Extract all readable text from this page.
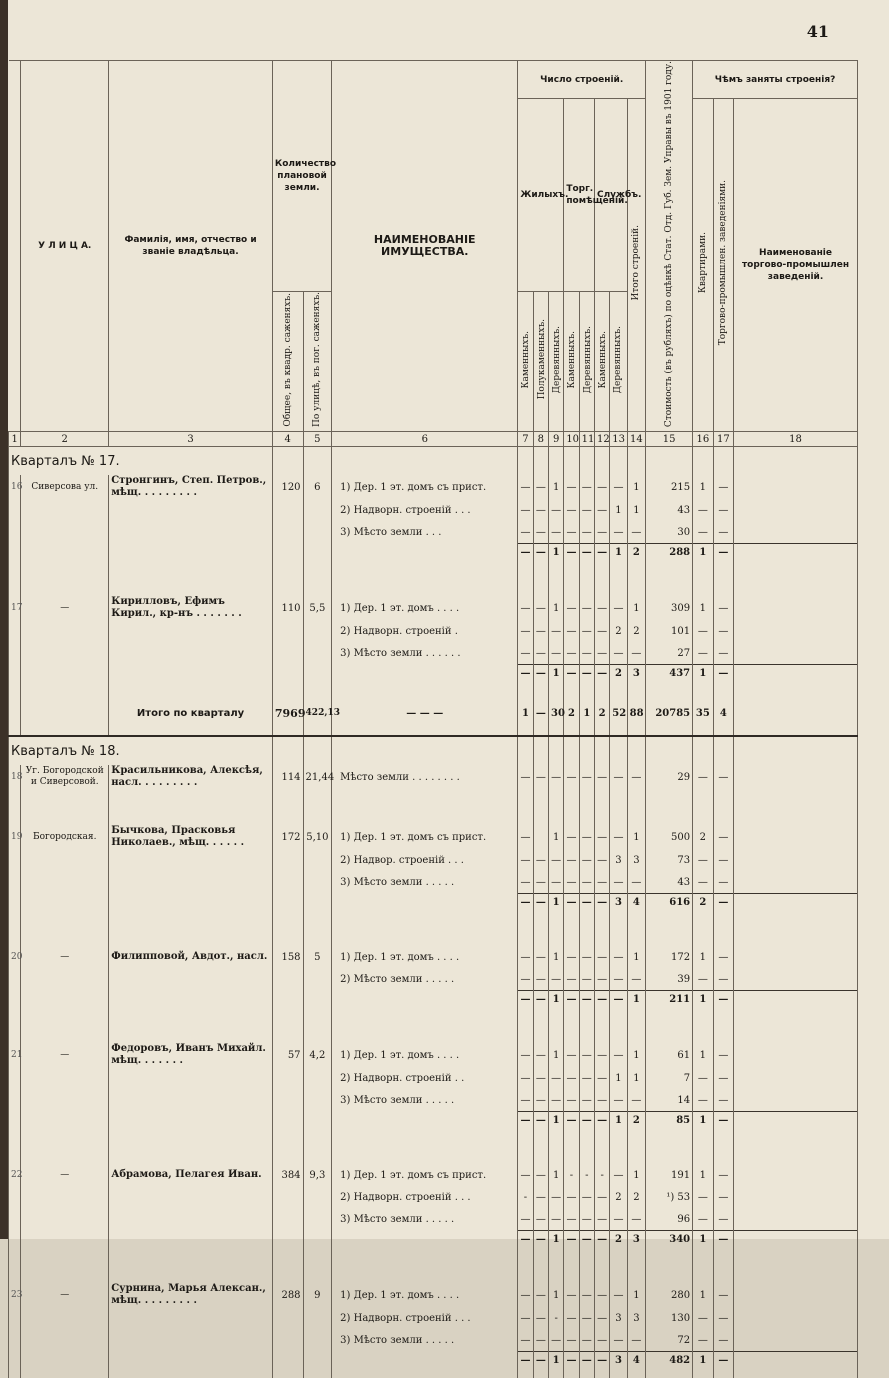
41
	У Л И Ц А.	Фамилія, имя, отчество и званіе владѣльца.	Количество плановой земли.		НАИМЕНОВАНІЕ ИМУЩЕСТВА.	Число строеній.								Стоимость (въ рубляхъ) по оцѣнкѣ Стат. Отд. Губ. Зем. Управы въ 1901 году.	Чѣмъ заняты строенія?		
						Жилыхъ.			Торг. помѣщеній.		Службъ.		Итого строеній.		Квартирами.	Торгово-промышлен. заведеніями.	Наименованіе торгово-промышлен заведеній.
			Общее, въ квадр. саженяхъ.	По улицѣ, въ пог. саженяхъ.		Каменныхъ.	Полукаменныхъ.	Деревянныхъ.	Каменныхъ.	Деревянныхъ.	Каменныхъ.	Деревянныхъ.					
1	2	3	4	5	6	7	8	9	10	11	12	13	14	15	16	17	18
Кварталъ № 17.																	
16	Сиверсова ул.	Стронгинъ, Степ. Петров., мѣщ. . . . . . . . .	120	6	1) Дер. 1 эт. домъ съ прист.	—	—	1	—	—	—	—	1	215	1	—	
					2) Надворн. строеній . . .	—	—	—	—	—	—	1	1	43	—	—	
					3) Мѣсто земли . . .	—	—	—	—	—	—	—	—	30	—	—	
						—	—	1	—	—	—	1	2	288	1	—	

17	—	Кирилловъ, Ефимъ Кирил., кр-нъ . . . . . . .	110	5,5	1) Дер. 1 эт. домъ . . . .	—	—	1	—	—	—	—	1	309	1	—	
					2) Надворн. строеній .	—	—	—	—	—	—	2	2	101	—	—	
					3) Мѣсто земли . . . . . .	—	—	—	—	—	—	—	—	27	—	—	
						—	—	1	—	—	—	2	3	437	1	—	

		Итого по кварталу	7969	422,13	— — —	1	—	30	2	1	2	52	88	20785	35	4	
Кварталъ № 18.																	
18	Уг. Богородской и Сиверсовой.	Красильникова, Алексѣя, насл. . . . . . . . .	114	21,44	Мѣсто земли . . . . . . . .	—	—	—	—	—	—	—	—	29	—	—	

19	Богородская.	Бычкова, Прасковья Николаев., мѣщ. . . . . .	172	5,10	1) Дер. 1 эт. домъ съ прист.	—		1	—	—	—	—	1	500	2	—	
					2) Надвор. строеній . . .	—	—	—	—	—	—	3	3	73	—	—	
					3) Мѣсто земли . . . . .	—	—	—	—	—	—	—	—	43	—	—	
						—	—	1	—	—	—	3	4	616	2	—	

20	—	Филипповой, Авдот., насл.	158	5	1) Дер. 1 эт. домъ . . . .	—	—	1	—	—	—	—	1	172	1	—	
					2) Мѣсто земли . . . . .	—	—	—	—	—	—	—	—	39	—	—	
						—	—	1	—	—	—	—	1	211	1	—	

21	—	Федоровъ, Иванъ Михайл. мѣщ. . . . . . .	57	4,2	1) Дер. 1 эт. домъ . . . .	—	—	1	—	—	—	—	1	61	1	—	
					2) Надворн. строеній . .	—	—	—	—	—	—	1	1	7	—	—	
					3) Мѣсто земли . . . . .	—	—	—	—	—	—	—	—	14	—	—	
						—	—	1	—	—	—	1	2	85	1	—	

22	—	Абрамова, Пелагея Иван.	384	9,3	1) Дер. 1 эт. домъ съ прист.	—	—	1	-	-	-	—	1	191	1	—	
					2) Надворн. строеній . . .	-	—	—	—	—	—	2	2	¹) 53	—	—	
					3) Мѣсто земли . . . . .	—	—	—	—	—	—	—	—	96	—	—	
						—	—	1	—	—	—	2	3	340	1	—	

23	—	Сурнина, Марья Алексан., мѣщ. . . . . . . . .	288	9	1) Дер. 1 эт. домъ . . . .	—	—	1	—	—	—	—	1	280	1	—	
					2) Надворн. строеній . . .	—	—	-	—	—	—	3	3	130	—	—	
					3) Мѣсто земли . . . . .	—	—	—	—	—	—	—	—	72	—	—	
						—	—	1	—	—	—	3	4	482	1	—	
